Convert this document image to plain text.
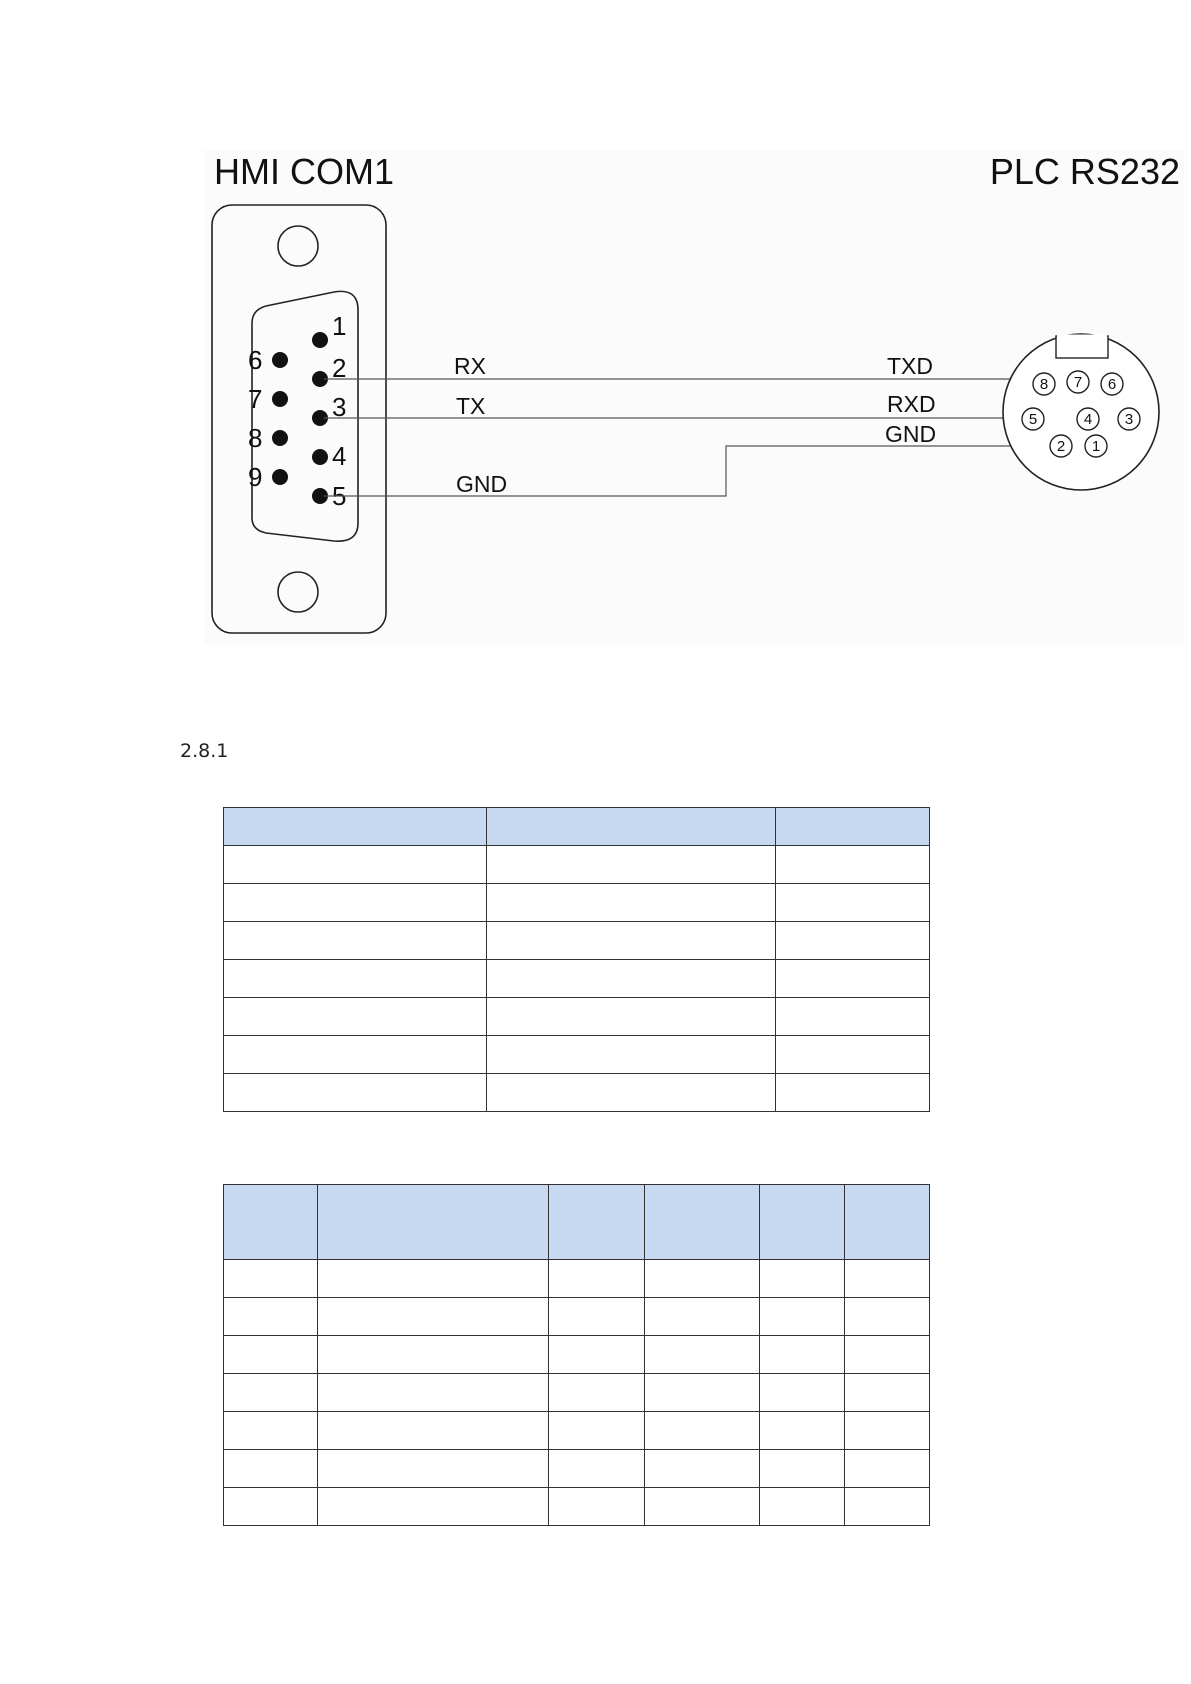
HMI COM1	PLC RS232
1
2
3
4
5
6
7
8
9
RX
TX
GND
TXD
RXD
GND
8 7 6
5	4 3
2 1
2.8.1
